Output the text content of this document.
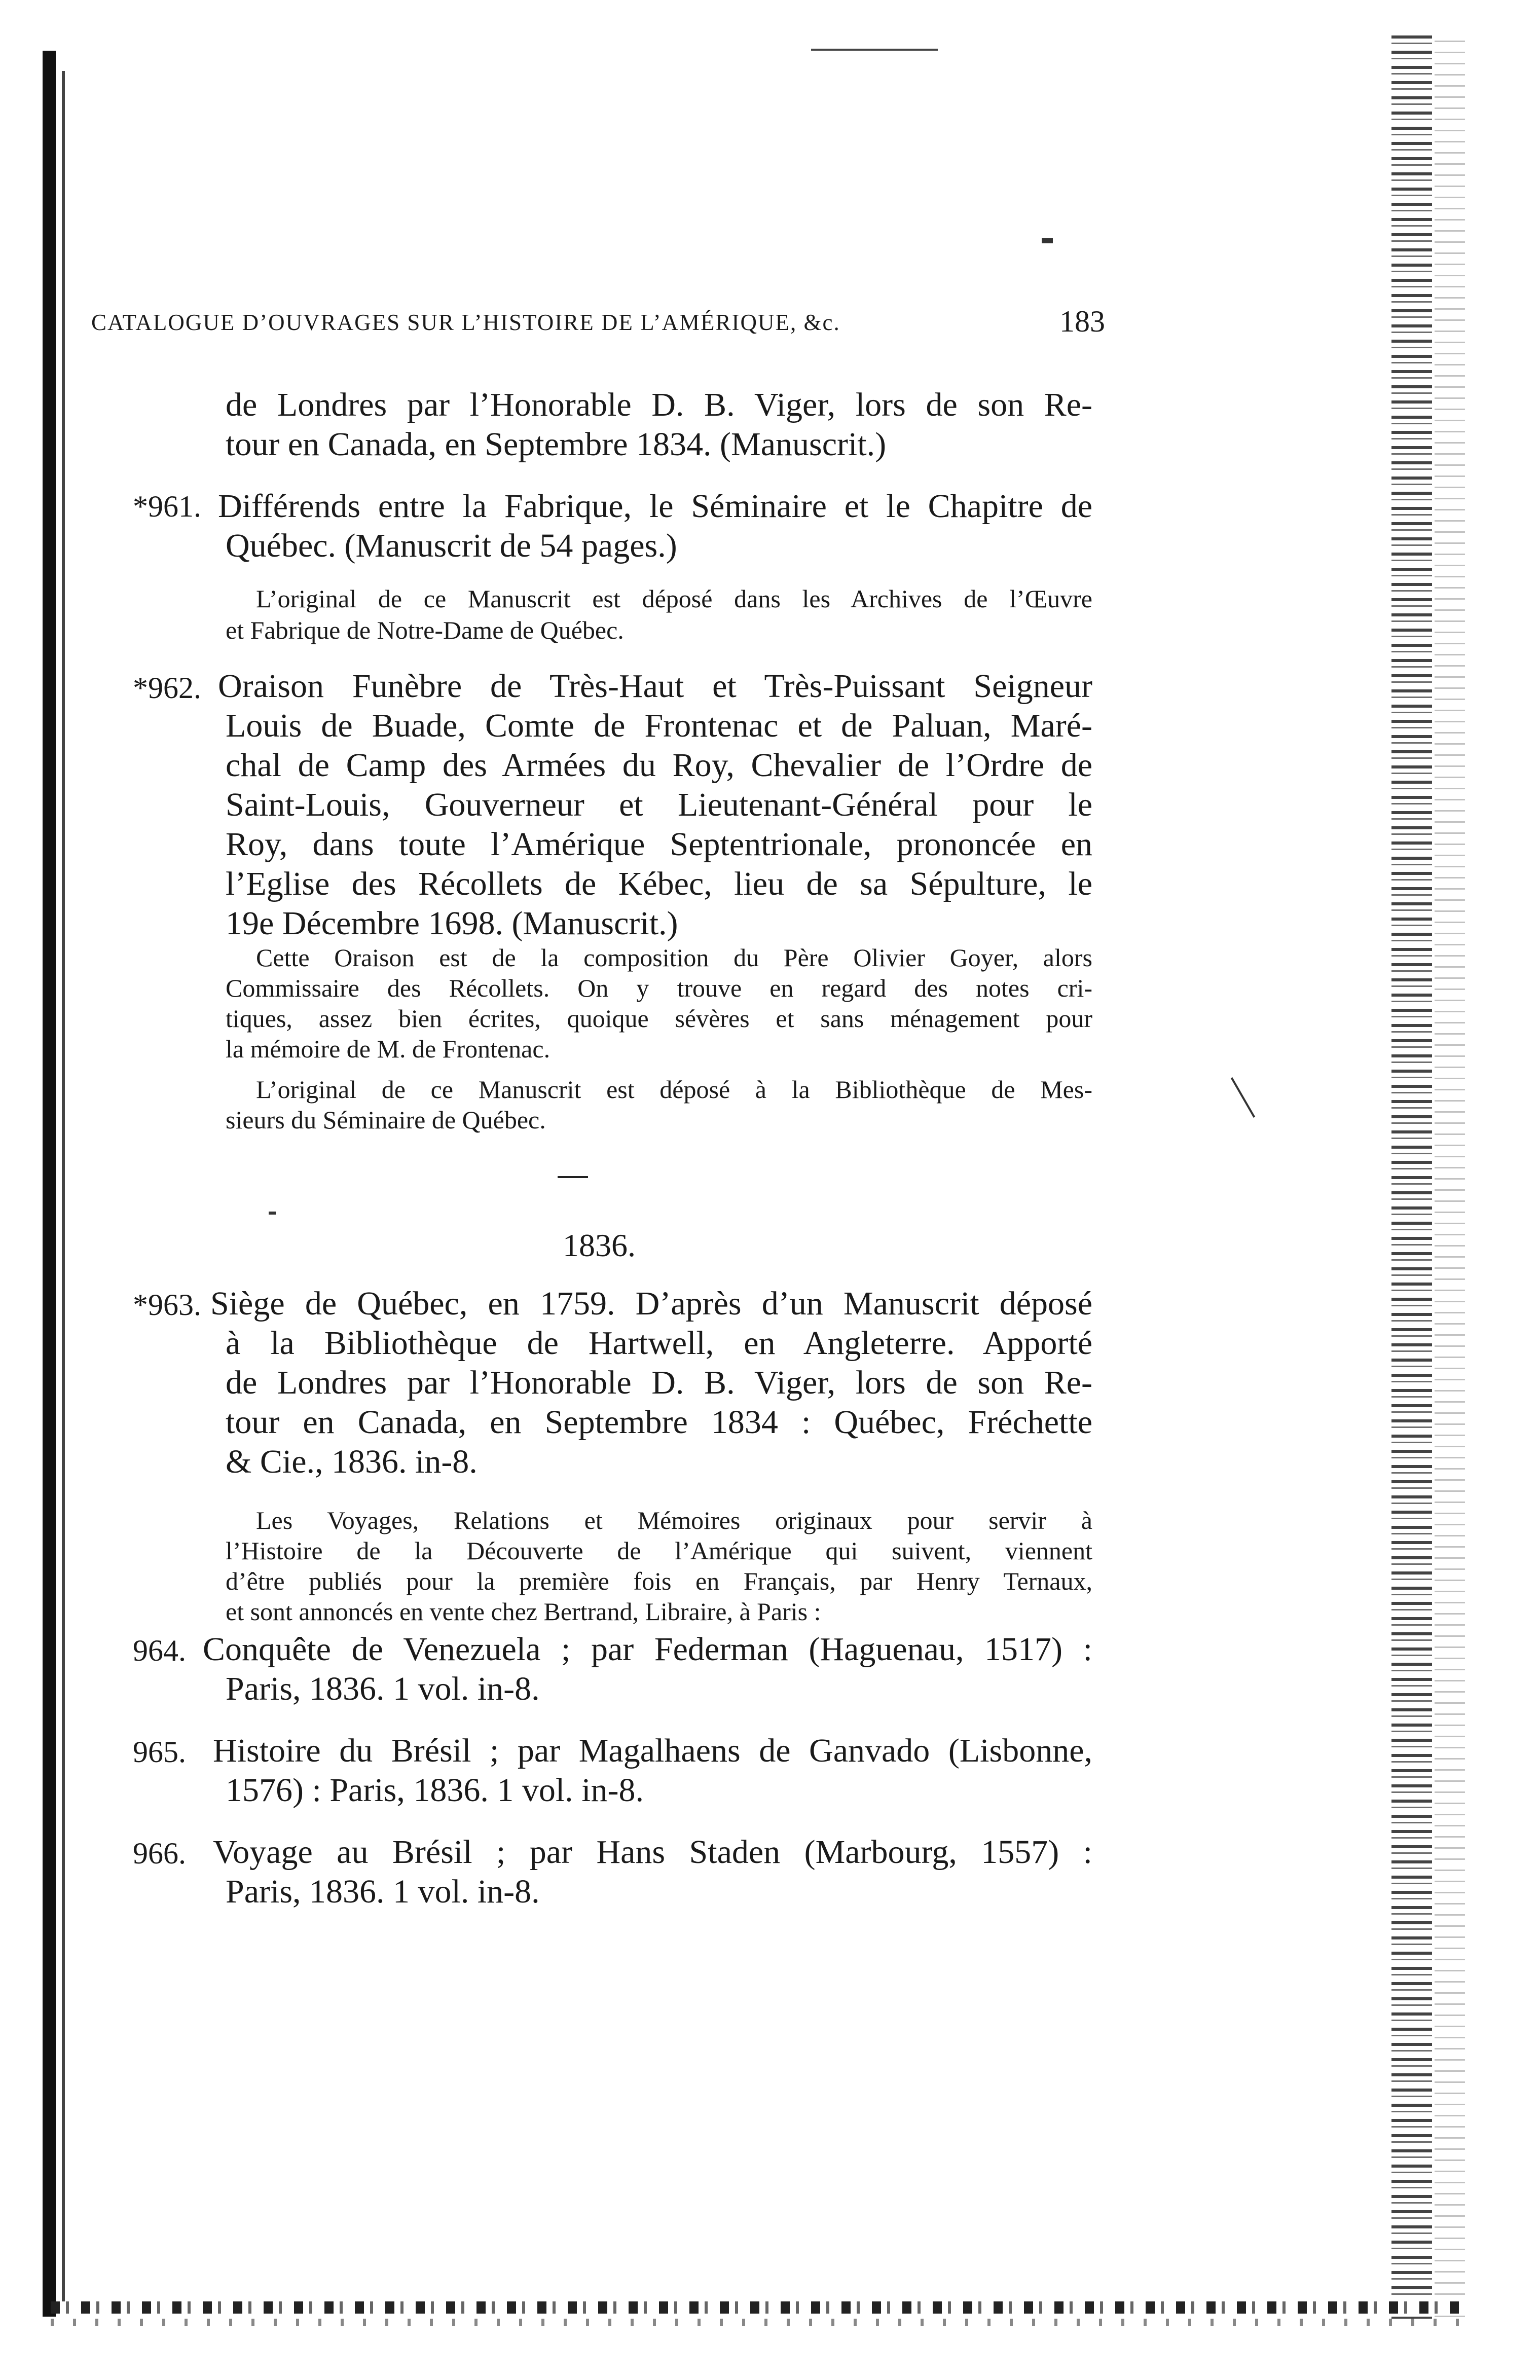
CATALOGUE D’OUVRAGES SUR L’HISTOIRE DE L’AMÉRIQUE, &c.	183
de Londres par l’Honorable D. B. Viger, lors de son Re-
tour en Canada, en Septembre 1834. (Manuscrit.)
*961. Différends entre la Fabrique, le Séminaire et le Chapitre de
Québec. (Manuscrit de 54 pages.)
L’original de ce Manuscrit est déposé dans les Archives de l’Œuvre
et Fabrique de Notre-Dame de Québec.
*962. Oraison Funèbre de Très-Haut et Très-Puissant Seigneur
Louis de Buade, Comte de Frontenac et de Paluan, Maré-
chal de Camp des Armées du Roy, Chevalier de l’Ordre de
Saint-Louis, Gouverneur et Lieutenant-Général pour le
Roy, dans toute l’Amérique Septentrionale, prononcée en
l’Eglise des Récollets de Kébec, lieu de sa Sépulture, le
19e Décembre 1698. (Manuscrit.)
Cette Oraison est de la composition du Père Olivier Goyer, alors
Commissaire des Récollets. On y trouve en regard des notes cri-
tiques, assez bien écrites, quoique sévères et sans ménagement pour
la mémoire de M. de Frontenac.
L’original de ce Manuscrit est déposé à la Bibliothèque de Mes-
sieurs du Séminaire de Québec.
1836.
*963. Siège de Québec, en 1759. D’après d’un Manuscrit déposé
à la Bibliothèque de Hartwell, en Angleterre. Apporté
de Londres par l’Honorable D. B. Viger, lors de son Re-
tour en Canada, en Septembre 1834 : Québec, Fréchette
& Cie., 1836. in-8.
Les Voyages, Relations et Mémoires originaux pour servir à
l’Histoire de la Découverte de l’Amérique qui suivent, viennent
d’être publiés pour la première fois en Français, par Henry Ternaux,
et sont annoncés en vente chez Bertrand, Libraire, à Paris :
964. Conquête de Venezuela ; par Federman (Haguenau, 1517) :
Paris, 1836. 1 vol. in-8.
965. Histoire du Brésil ; par Magalhaens de Ganvado (Lisbonne,
1576) : Paris, 1836. 1 vol. in-8.
966. Voyage au Brésil ; par Hans Staden (Marbourg, 1557) :
Paris, 1836. 1 vol. in-8.
